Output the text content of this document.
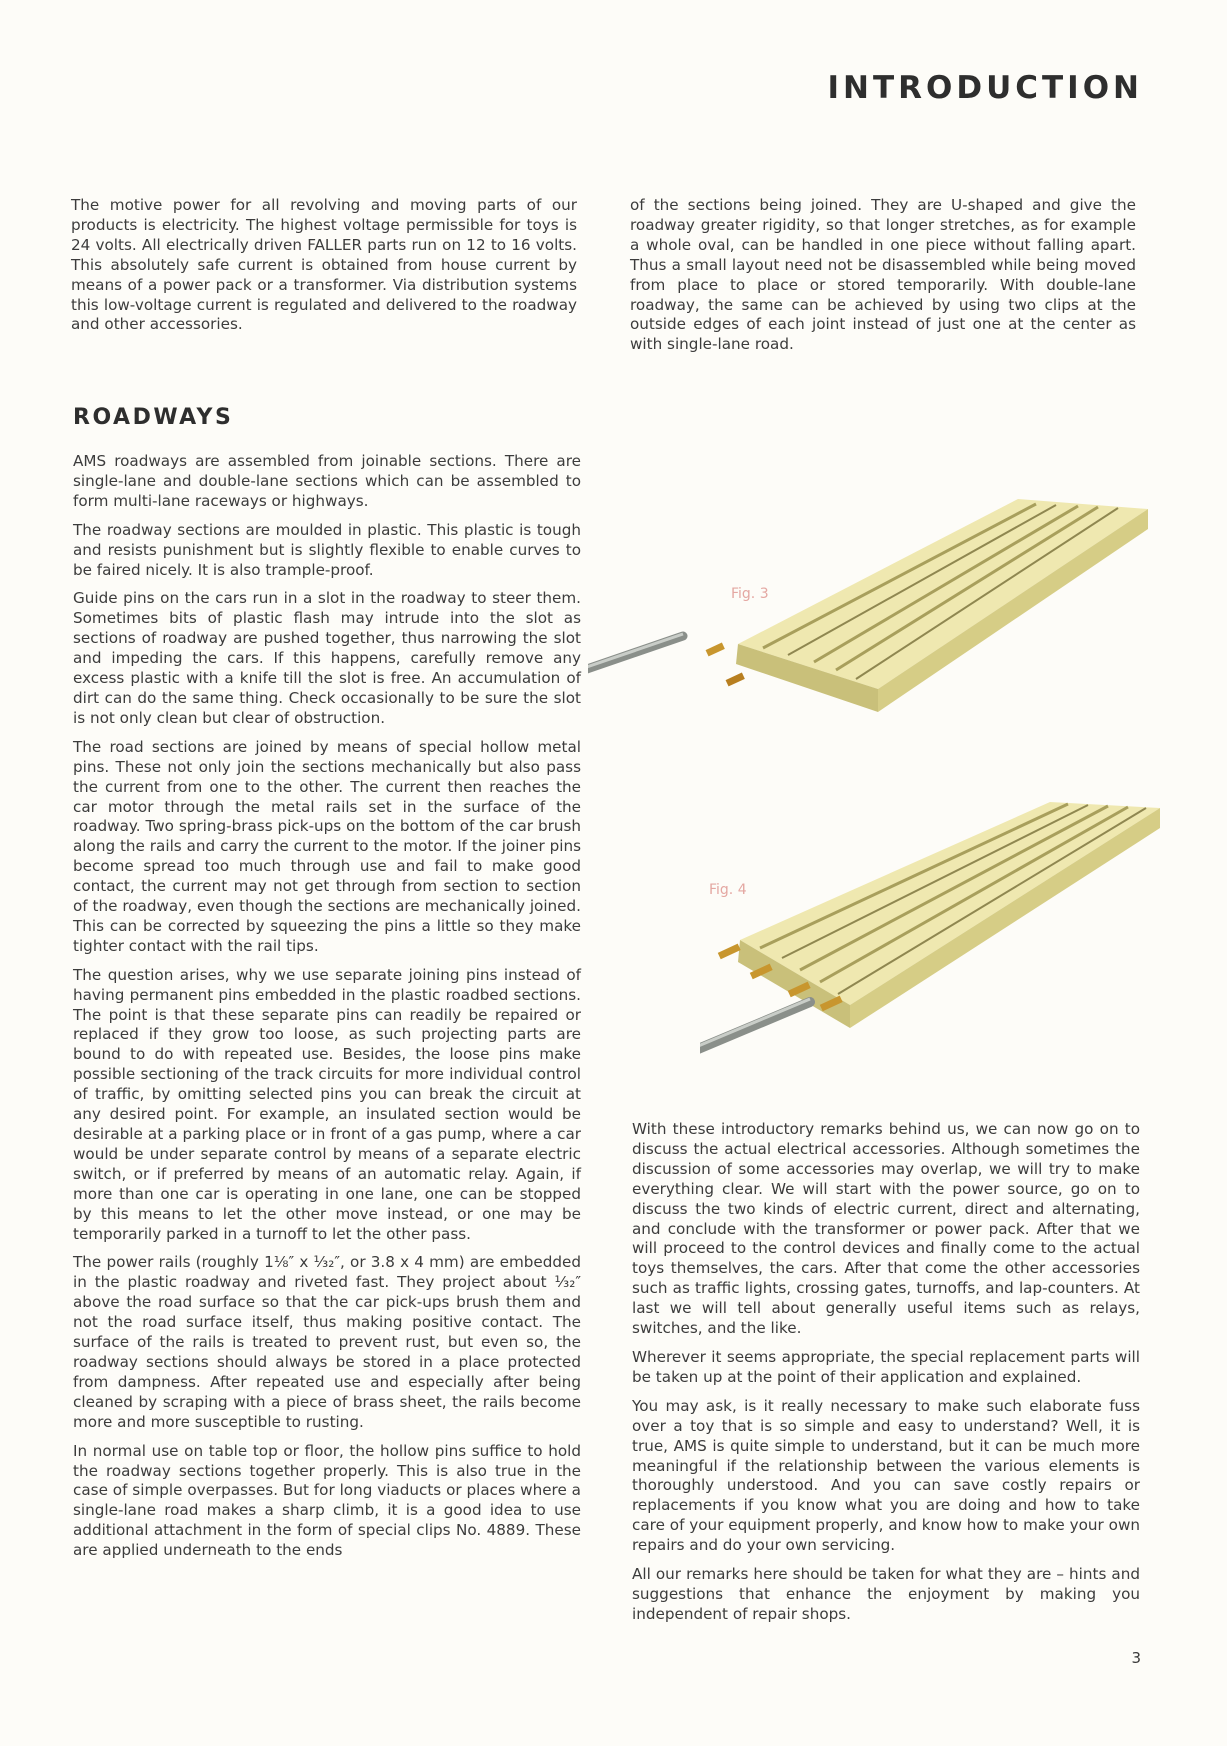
INTRODUCTION

The motive power for all revolving and moving parts of our products is electricity. The highest voltage permissible for toys is 24 volts. All electrically driven FALLER parts run on 12 to 16 volts. This absolutely safe current is obtained from house current by means of a power pack or a transformer. Via distribution systems this low-voltage current is regulated and delivered to the roadway and other accessories.

of the sections being joined. They are U-shaped and give the roadway greater rigidity, so that longer stretches, as for example a whole oval, can be handled in one piece without falling apart. Thus a small layout need not be disassembled while being moved from place to place or stored temporarily. With double-lane roadway, the same can be achieved by using two clips at the outside edges of each joint instead of just one at the center as with single-lane road.

ROADWAYS

AMS roadways are assembled from joinable sections. There are single-lane and double-lane sections which can be assembled to form multi-lane raceways or highways.

The roadway sections are moulded in plastic. This plastic is tough and resists punishment but is slightly flexible to enable curves to be faired nicely. It is also trample-proof.

Guide pins on the cars run in a slot in the roadway to steer them. Sometimes bits of plastic flash may intrude into the slot as sections of roadway are pushed together, thus narrowing the slot and impeding the cars. If this happens, carefully remove any excess plastic with a knife till the slot is free. An accumulation of dirt can do the same thing. Check occasionally to be sure the slot is not only clean but clear of obstruction.

The road sections are joined by means of special hollow metal pins. These not only join the sections mechanically but also pass the current from one to the other. The current then reaches the car motor through the metal rails set in the surface of the roadway. Two spring-brass pick-ups on the bottom of the car brush along the rails and carry the current to the motor. If the joiner pins become spread too much through use and fail to make good contact, the current may not get through from section to section of the roadway, even though the sections are mechanically joined. This can be corrected by squeezing the pins a little so they make tighter contact with the rail tips.

The question arises, why we use separate joining pins instead of having permanent pins embedded in the plastic roadbed sections. The point is that these separate pins can readily be repaired or replaced if they grow too loose, as such projecting parts are bound to do with repeated use. Besides, the loose pins make possible sectioning of the track circuits for more individual control of traffic, by omitting selected pins you can break the circuit at any desired point. For example, an insulated section would be desirable at a parking place or in front of a gas pump, where a car would be under separate control by means of a separate electric switch, or if preferred by means of an automatic relay. Again, if more than one car is operating in one lane, one can be stopped by this means to let the other move instead, or one may be temporarily parked in a turnoff to let the other pass.

The power rails (roughly 1⅛″ x ¹⁄₃₂″, or 3.8 x 4 mm) are embedded in the plastic roadway and riveted fast. They project about ¹⁄₃₂″ above the road surface so that the car pick-ups brush them and not the road surface itself, thus making positive contact. The surface of the rails is treated to prevent rust, but even so, the roadway sections should always be stored in a place protected from dampness. After repeated use and especially after being cleaned by scraping with a piece of brass sheet, the rails become more and more susceptible to rusting.

In normal use on table top or floor, the hollow pins suffice to hold the roadway sections together properly. This is also true in the case of simple overpasses. But for long viaducts or places where a single-lane road makes a sharp climb, it is a good idea to use additional attachment in the form of special clips No. 4889. These are applied underneath to the ends

Fig. 3
Fig. 4

With these introductory remarks behind us, we can now go on to discuss the actual electrical accessories. Although sometimes the discussion of some accessories may overlap, we will try to make everything clear. We will start with the power source, go on to discuss the two kinds of electric current, direct and alternating, and conclude with the transformer or power pack. After that we will proceed to the control devices and finally come to the actual toys themselves, the cars. After that come the other accessories such as traffic lights, crossing gates, turnoffs, and lap-counters. At last we will tell about generally useful items such as relays, switches, and the like.

Wherever it seems appropriate, the special replacement parts will be taken up at the point of their application and explained.

You may ask, is it really necessary to make such elaborate fuss over a toy that is so simple and easy to understand? Well, it is true, AMS is quite simple to understand, but it can be much more meaningful if the relationship between the various elements is thoroughly understood. And you can save costly repairs or replacements if you know what you are doing and how to take care of your equipment properly, and know how to make your own repairs and do your own servicing.

All our remarks here should be taken for what they are – hints and suggestions that enhance the enjoyment by making you independent of repair shops.

3
